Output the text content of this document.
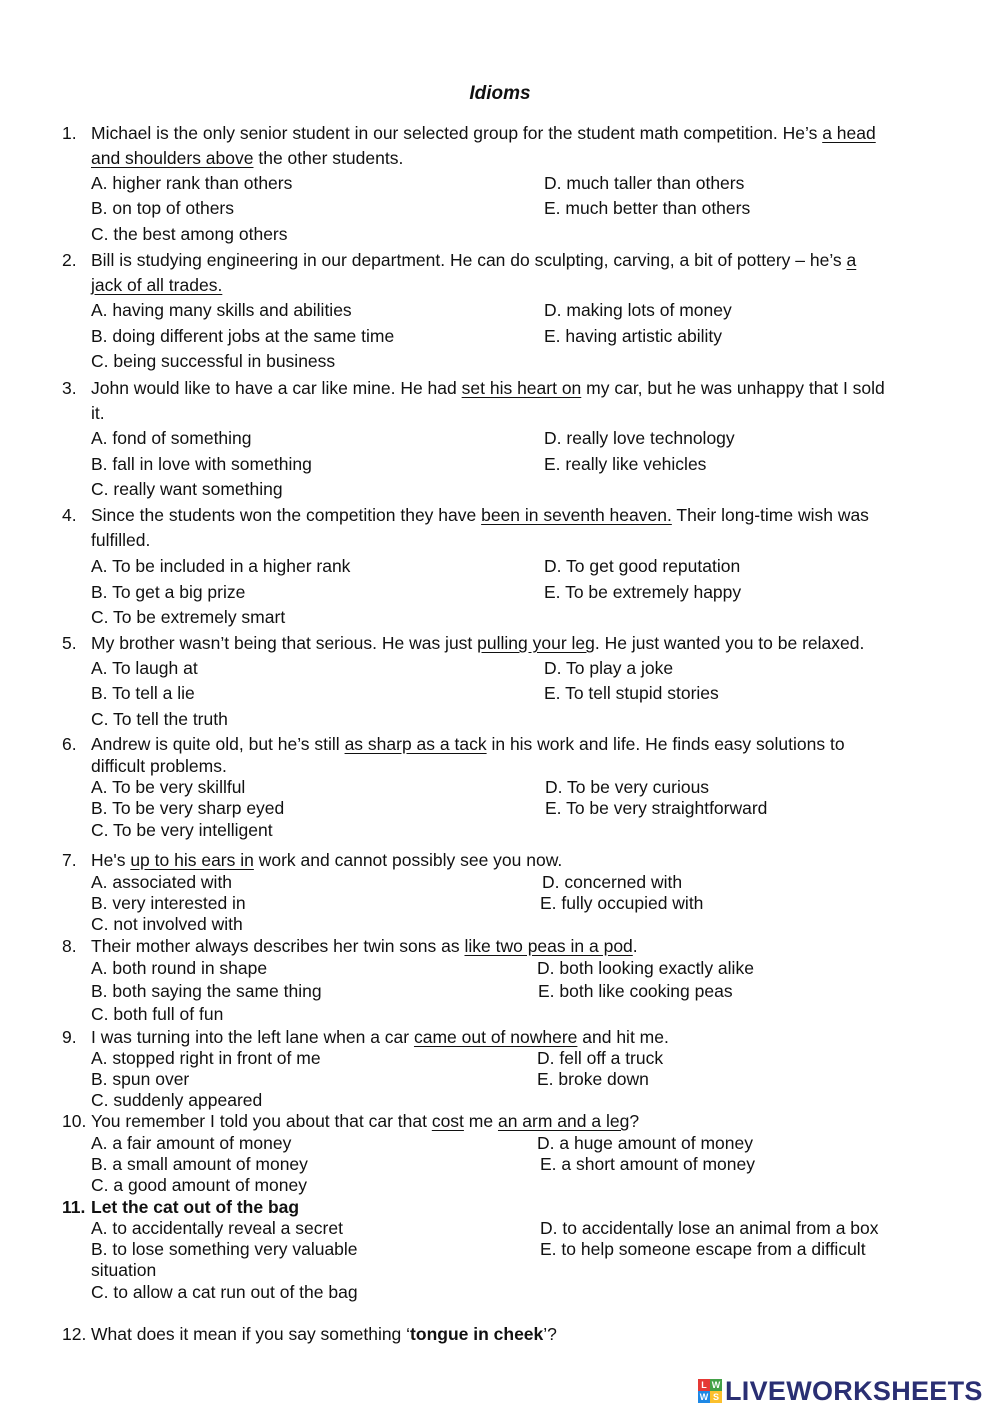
Idioms
1. Michael is the only senior student in our selected group for the student math competition. He’s a head
and shoulders above the other students.
A. higher rank than others
B. on top of others
C. the best among others
D. much taller than others
E. much better than others
2. Bill is studying engineering in our department. He can do sculpting, carving, a bit of pottery – he’s a
jack of all trades.
A. having many skills and abilities
B. doing different jobs at the same time
C. being successful in business
D. making lots of money
E. having artistic ability
3. John would like to have a car like mine. He had set his heart on my car, but he was unhappy that I sold
it.
A. fond of something
B. fall in love with something
C. really want something
D. really love technology
E. really like vehicles
4. Since the students won the competition they have been in seventh heaven. Their long-time wish was
fulfilled.
A. To be included in a higher rank
B. To get a big prize
C. To be extremely smart
D. To get good reputation
E. To be extremely happy
5. My brother wasn’t being that serious. He was just pulling your leg. He just wanted you to be relaxed.
A. To laugh at
B. To tell a lie
C. To tell the truth
D. To play a joke
E. To tell stupid stories
6. Andrew is quite old, but he’s still as sharp as a tack in his work and life. He finds easy solutions to
difficult problems.
A. To be very skillful
B. To be very sharp eyed
C. To be very intelligent
D. To be very curious
E. To be very straightforward
7. He's up to his ears in work and cannot possibly see you now.
A. associated with
B. very interested in
C. not involved with
D. concerned with
E. fully occupied with
8. Their mother always describes her twin sons as like two peas in a pod.
A. both round in shape
B. both saying the same thing
C. both full of fun
D. both looking exactly alike
E. both like cooking peas
9. I was turning into the left lane when a car came out of nowhere and hit me.
A. stopped right in front of me
B. spun over
C. suddenly appeared
D. fell off a truck
E. broke down
10. You remember I told you about that car that cost me an arm and a leg?
A. a fair amount of money
B. a small amount of money
C. a good amount of money
D. a huge amount of money
E. a short amount of money
11. Let the cat out of the bag
A. to accidentally reveal a secret
B. to lose something very valuable
situation
C. to allow a cat run out of the bag
D. to accidentally lose an animal from a box
E. to help someone escape from a difficult
12. What does it mean if you say something ‘tongue in cheek’?
L W
W S LIVEWORKSHEETS
